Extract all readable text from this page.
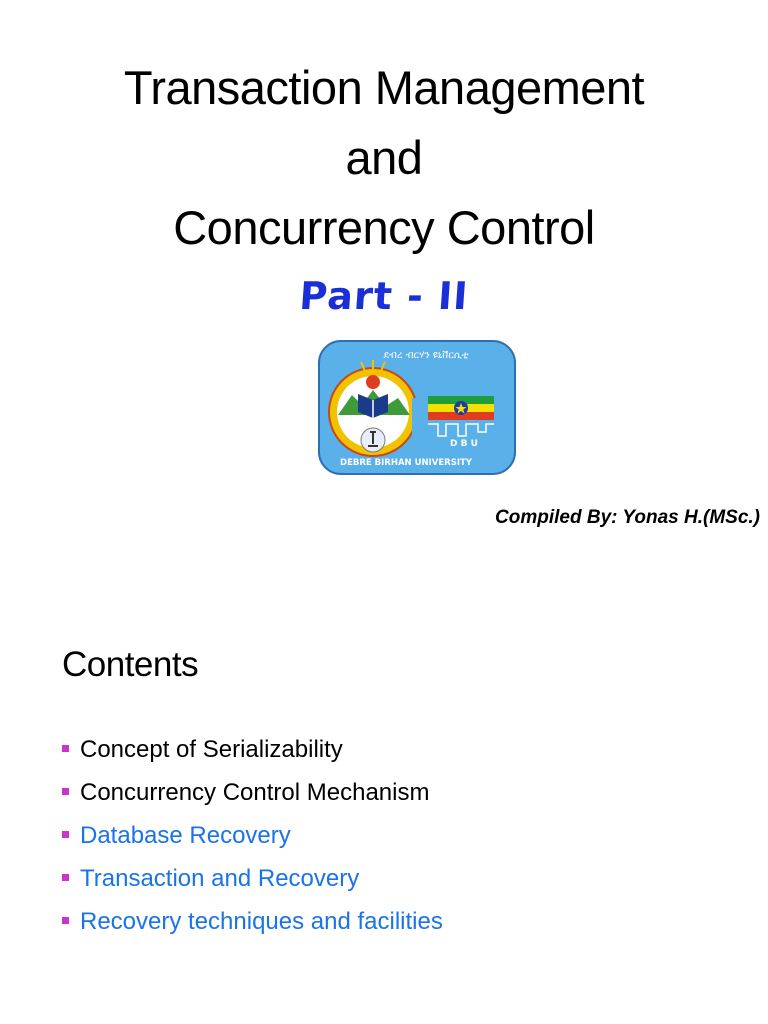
Transaction Management
and
Concurrency Control
Part - II
ደብረ ብርሃን ዩኒቨርሲቲ
D B U
DEBRE BIRHAN UNIVERSITY
Compiled By: Yonas H.(MSc.)
Contents
Concept of Serializability
Concurrency Control Mechanism
Database Recovery
Transaction and Recovery
Recovery techniques and facilities
